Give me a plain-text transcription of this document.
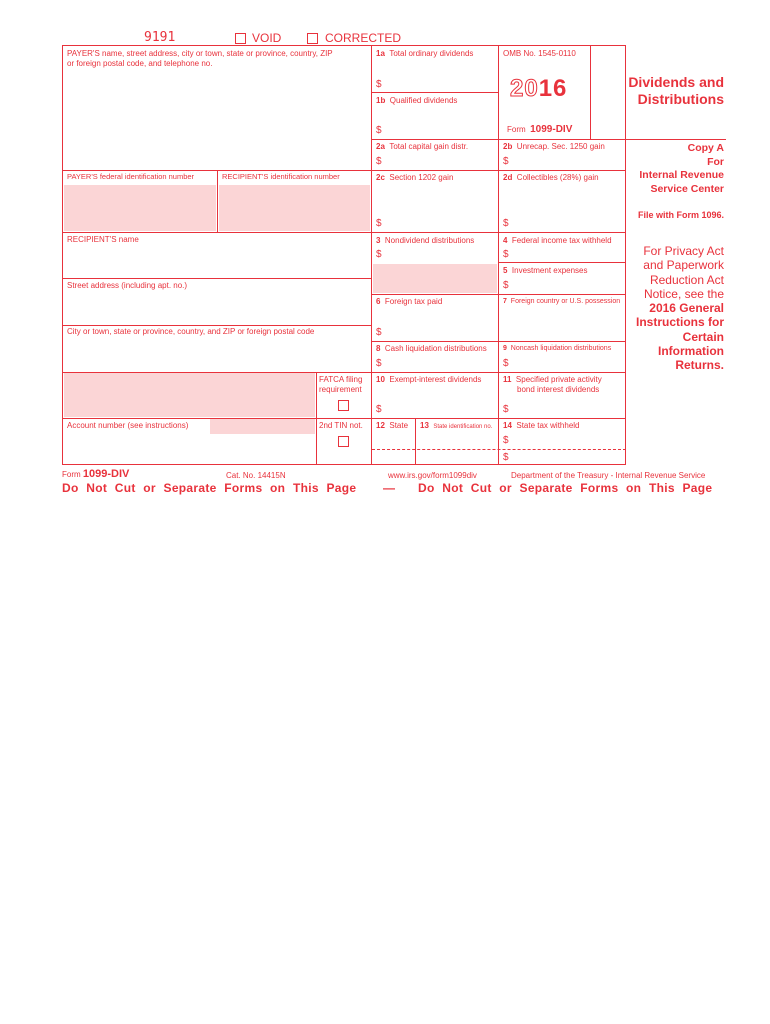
9191	VOID	CORRECTED
PAYER'S name, street address, city or town, state or province, country, ZIP
or foreign postal code, and telephone no.
PAYER'S federal identification number	RECIPIENT'S identification number
RECIPIENT'S name
Street address (including apt. no.)
City or town, state or province, country, and ZIP or foreign postal code
FATCA filing
requirement
Account number (see instructions)	2nd TIN not.
1a Total ordinary dividends
$
1b Qualified dividends
$
OMB No. 1545-0110
2016
Form 1099-DIV
2a Total capital gain distr.
$
2b Unrecap. Sec. 1250 gain
$
2c Section 1202 gain
$
2d Collectibles (28%) gain
$
3 Nondividend distributions
$
4 Federal income tax withheld
$
5 Investment expenses
$
6 Foreign tax paid
$
7 Foreign country or U.S. possession
8 Cash liquidation distributions
$
9 Noncash liquidation distributions
$
10 Exempt-interest dividends
$
11 Specified private activity
bond interest dividends
$
12 State 13 State identification no. 14 State tax withheld
$
$
Dividends and
Distributions
Copy A
For
Internal Revenue
Service Center
File with Form 1096.
For Privacy Act
and Paperwork
Reduction Act
Notice, see the
2016 General
Instructions for
Certain
Information
Returns.
Form 1099-DIV	Cat. No. 14415N	www.irs.gov/form1099div	Department of the Treasury - Internal Revenue Service
Do Not Cut or Separate Forms on This Page — Do Not Cut or Separate Forms on This Page
